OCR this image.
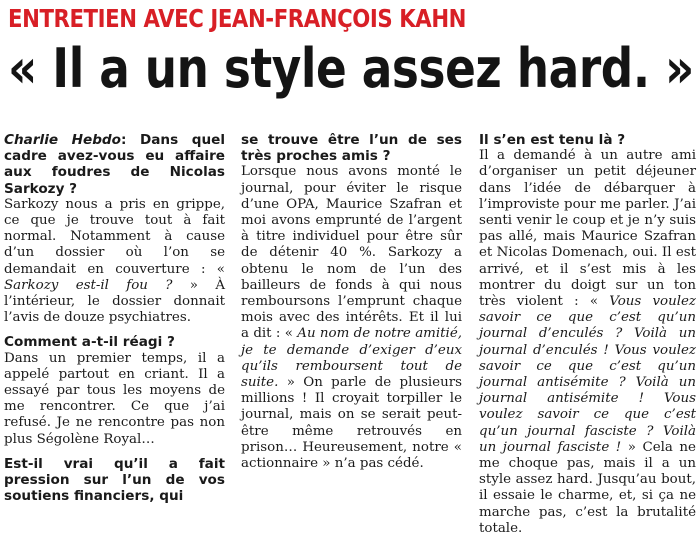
ENTRETIEN AVEC JEAN-FRANÇOIS KAHN
« Il a un style assez hard. »

Charlie Hebdo: Dans quel cadre avez-vous eu affaire aux foudres de Nicolas Sarkozy ?

Sarkozy nous a pris en grippe, ce que je trouve tout à fait normal. Notamment à cause d’un dossier où l’on se demandait en couverture : « Sarkozy est-il fou ? » À l’intérieur, le dossier donnait l’avis de douze psychiatres.

Comment a-t-il réagi ?

Dans un premier temps, il a appelé partout en criant. Il a essayé par tous les moyens de me rencontrer. Ce que j’ai refusé. Je ne rencontre pas non plus Ségolène Royal…

Est-il vrai qu’il a fait pression sur l’un de vos soutiens financiers, qui

se trouve être l’un de ses très proches amis ?

Lorsque nous avons monté le journal, pour éviter le risque d’une OPA, Maurice Szafran et moi avons emprunté de l’argent à titre individuel pour être sûr de détenir 40 %. Sarkozy a obtenu le nom de l’un des bailleurs de fonds à qui nous remboursons l’emprunt chaque mois avec des intérêts. Et il lui a dit : « Au nom de notre amitié, je te demande d’exiger d’eux qu’ils remboursent tout de suite. » On parle de plusieurs millions ! Il croyait torpiller le journal, mais on se serait peut-être même retrouvés en prison… Heureusement, notre « actionnaire » n’a pas cédé.

Il s’en est tenu là ?

Il a demandé à un autre ami d’organiser un petit déjeuner dans l’idée de débarquer à l’improviste pour me parler. J’ai senti venir le coup et je n’y suis pas allé, mais Maurice Szafran et Nicolas Domenach, oui. Il est arrivé, et il s’est mis à les montrer du doigt sur un ton très violent : « Vous voulez savoir ce que c’est qu’un journal d’enculés ? Voilà un journal d’enculés ! Vous voulez savoir ce que c’est qu’un journal antisémite ? Voilà un journal antisémite ! Vous voulez savoir ce que c’est qu’un journal fasciste ? Voilà un journal fasciste ! » Cela ne me choque pas, mais il a un style assez hard. Jusqu’au bout, il essaie le charme, et, si ça ne marche pas, c’est la brutalité totale.
